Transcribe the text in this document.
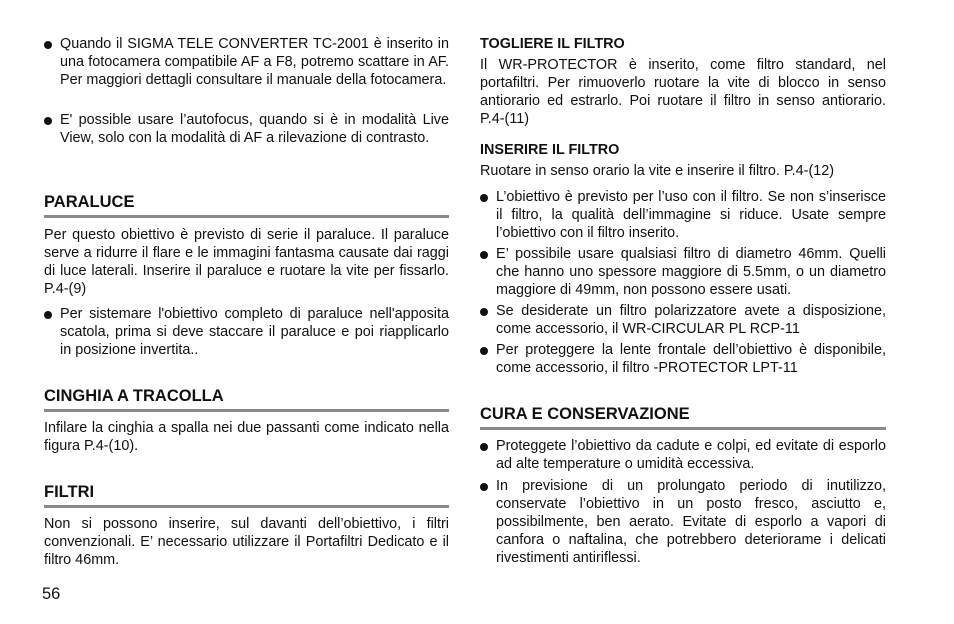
Quando il SIGMA TELE CONVERTER TC-2001 è inserito in una fotocamera compatibile AF a F8, potremo scattare in AF. Per maggiori dettagli consultare il manuale della fotocamera.
E' possible usare l’autofocus, quando si è in modalità Live View, solo con la modalità di AF a rilevazione di contrasto.
PARALUCE
Per questo obiettivo è previsto di serie il paraluce. Il paraluce serve a ridurre il flare e le immagini fantasma causate dai raggi di luce laterali. Inserire il paraluce e ruotare la vite per fissarlo. P.4-(9)
Per sistemare l'obiettivo completo di paraluce nell'apposita scatola, prima si deve staccare il paraluce e poi riapplicarlo in posizione invertita..
CINGHIA A TRACOLLA
Infilare la cinghia a spalla nei due passanti come indicato nella figura P.4-(10).
FILTRI
Non si possono inserire, sul davanti dell’obiettivo, i filtri convenzionali. E’ necessario utilizzare il Portafiltri Dedicato e il filtro 46mm.
TOGLIERE IL FILTRO
Il WR-PROTECTOR è inserito, come filtro standard, nel portafiltri. Per rimuoverlo ruotare la vite di blocco in senso antiorario ed estrarlo. Poi ruotare il filtro in senso antiorario. P.4-(11)
INSERIRE IL FILTRO
Ruotare in senso orario la vite e inserire il filtro. P.4-(12)
L’obiettivo è previsto per l’uso con il filtro. Se non s’inserisce il filtro, la qualità dell’immagine si riduce. Usate sempre l’obiettivo con il filtro inserito.
E’ possibile usare qualsiasi filtro di diametro 46mm. Quelli che hanno uno spessore maggiore di 5.5mm, o un diametro maggiore di 49mm, non possono essere usati.
Se desiderate un filtro polarizzatore avete a disposizione, come accessorio, il WR-CIRCULAR PL RCP-11
Per proteggere la lente frontale dell’obiettivo è disponibile, come accessorio, il filtro -PROTECTOR LPT-11
CURA E CONSERVAZIONE
Proteggete l’obiettivo da cadute e colpi, ed evitate di esporlo ad alte temperature o umidità eccessiva.
In previsione di un prolungato periodo di inutilizzo, conservate l’obiettivo in un posto fresco, asciutto e, possibilmente, ben aerato. Evitate di esporlo a vapori di canfora o naftalina, che potrebbero deteriorame i delicati rivestimenti antiriflessi.
56
